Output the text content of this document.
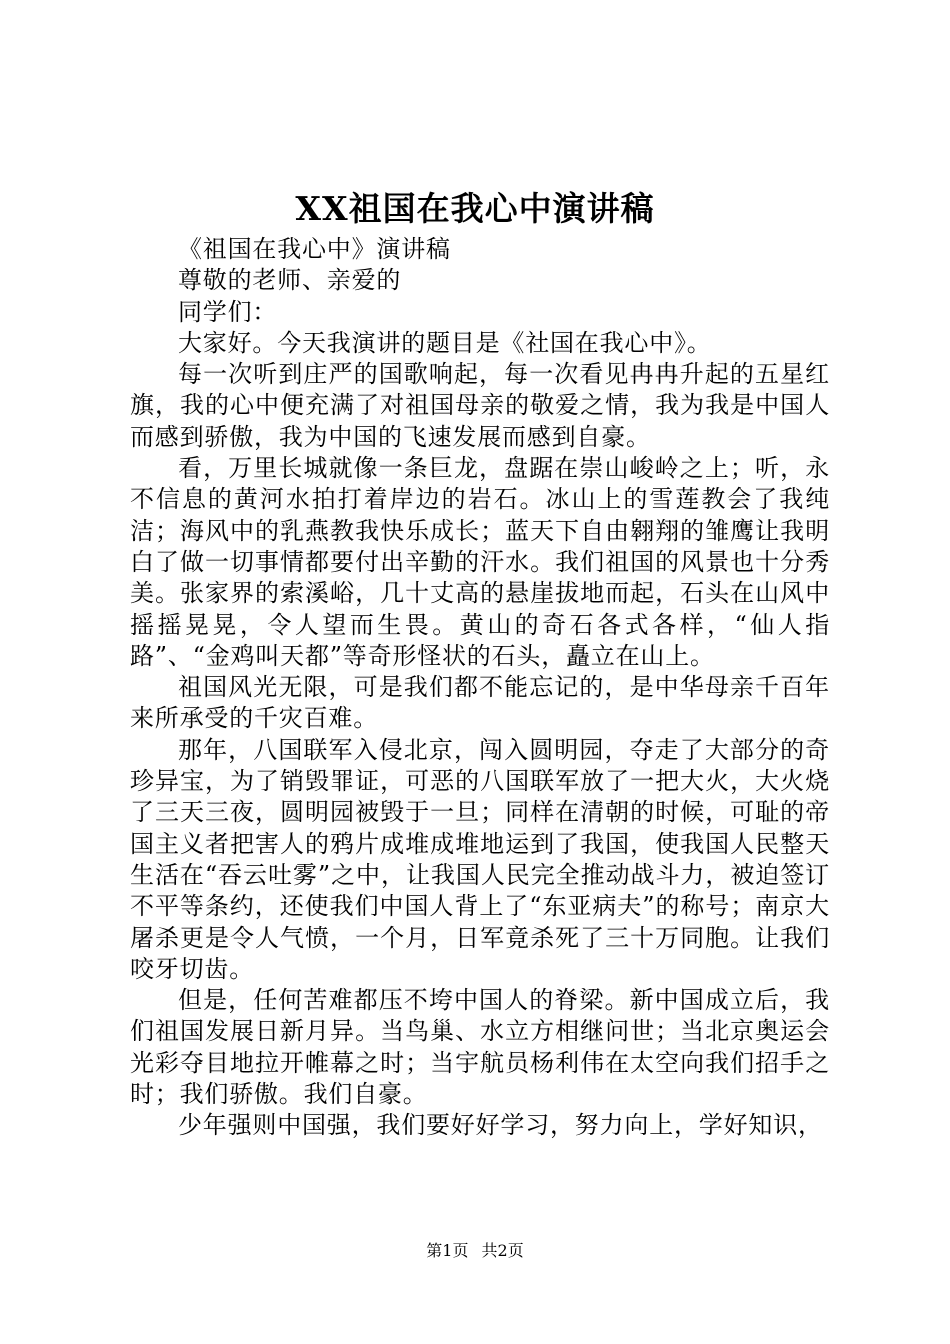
XX祖国在我心中演讲稿

《祖国在我心中》演讲稿

尊敬的老师、亲爱的

同学们：

大家好。今天我演讲的题目是《社国在我心中》。

每一次听到庄严的国歌响起，每一次看见冉冉升起的五星红旗，我的心中便充满了对祖国母亲的敬爱之情，我为我是中国人而感到骄傲，我为中国的飞速发展而感到自豪。

看，万里长城就像一条巨龙，盘踞在崇山峻岭之上；听，永不信息的黄河水拍打着岸边的岩石。冰山上的雪莲教会了我纯洁；海风中的乳燕教我快乐成长；蓝天下自由翱翔的雏鹰让我明白了做一切事情都要付出辛勤的汗水。我们祖国的风景也十分秀美。张家界的索溪峪，几十丈高的悬崖拔地而起，石头在山风中摇摇晃晃，令人望而生畏。黄山的奇石各式各样，“仙人指路”、“金鸡叫天都”等奇形怪状的石头，矗立在山上。

祖国风光无限，可是我们都不能忘记的，是中华母亲千百年来所承受的千灾百难。

那年，八国联军入侵北京，闯入圆明园，夺走了大部分的奇珍异宝，为了销毁罪证，可恶的八国联军放了一把大火，大火烧了三天三夜，圆明园被毁于一旦；同样在清朝的时候，可耻的帝国主义者把害人的鸦片成堆成堆地运到了我国，使我国人民整天生活在“吞云吐雾”之中，让我国人民完全推动战斗力，被迫签订不平等条约，还使我们中国人背上了“东亚病夫”的称号；南京大屠杀更是令人气愤，一个月，日军竟杀死了三十万同胞。让我们咬牙切齿。

但是，任何苦难都压不垮中国人的脊梁。新中国成立后，我们祖国发展日新月异。当鸟巢、水立方相继问世；当北京奥运会光彩夺目地拉开帷幕之时；当宇航员杨利伟在太空向我们招手之时；我们骄傲。我们自豪。

少年强则中国强，我们要好好学习，努力向上，学好知识，

第1页 共2页
